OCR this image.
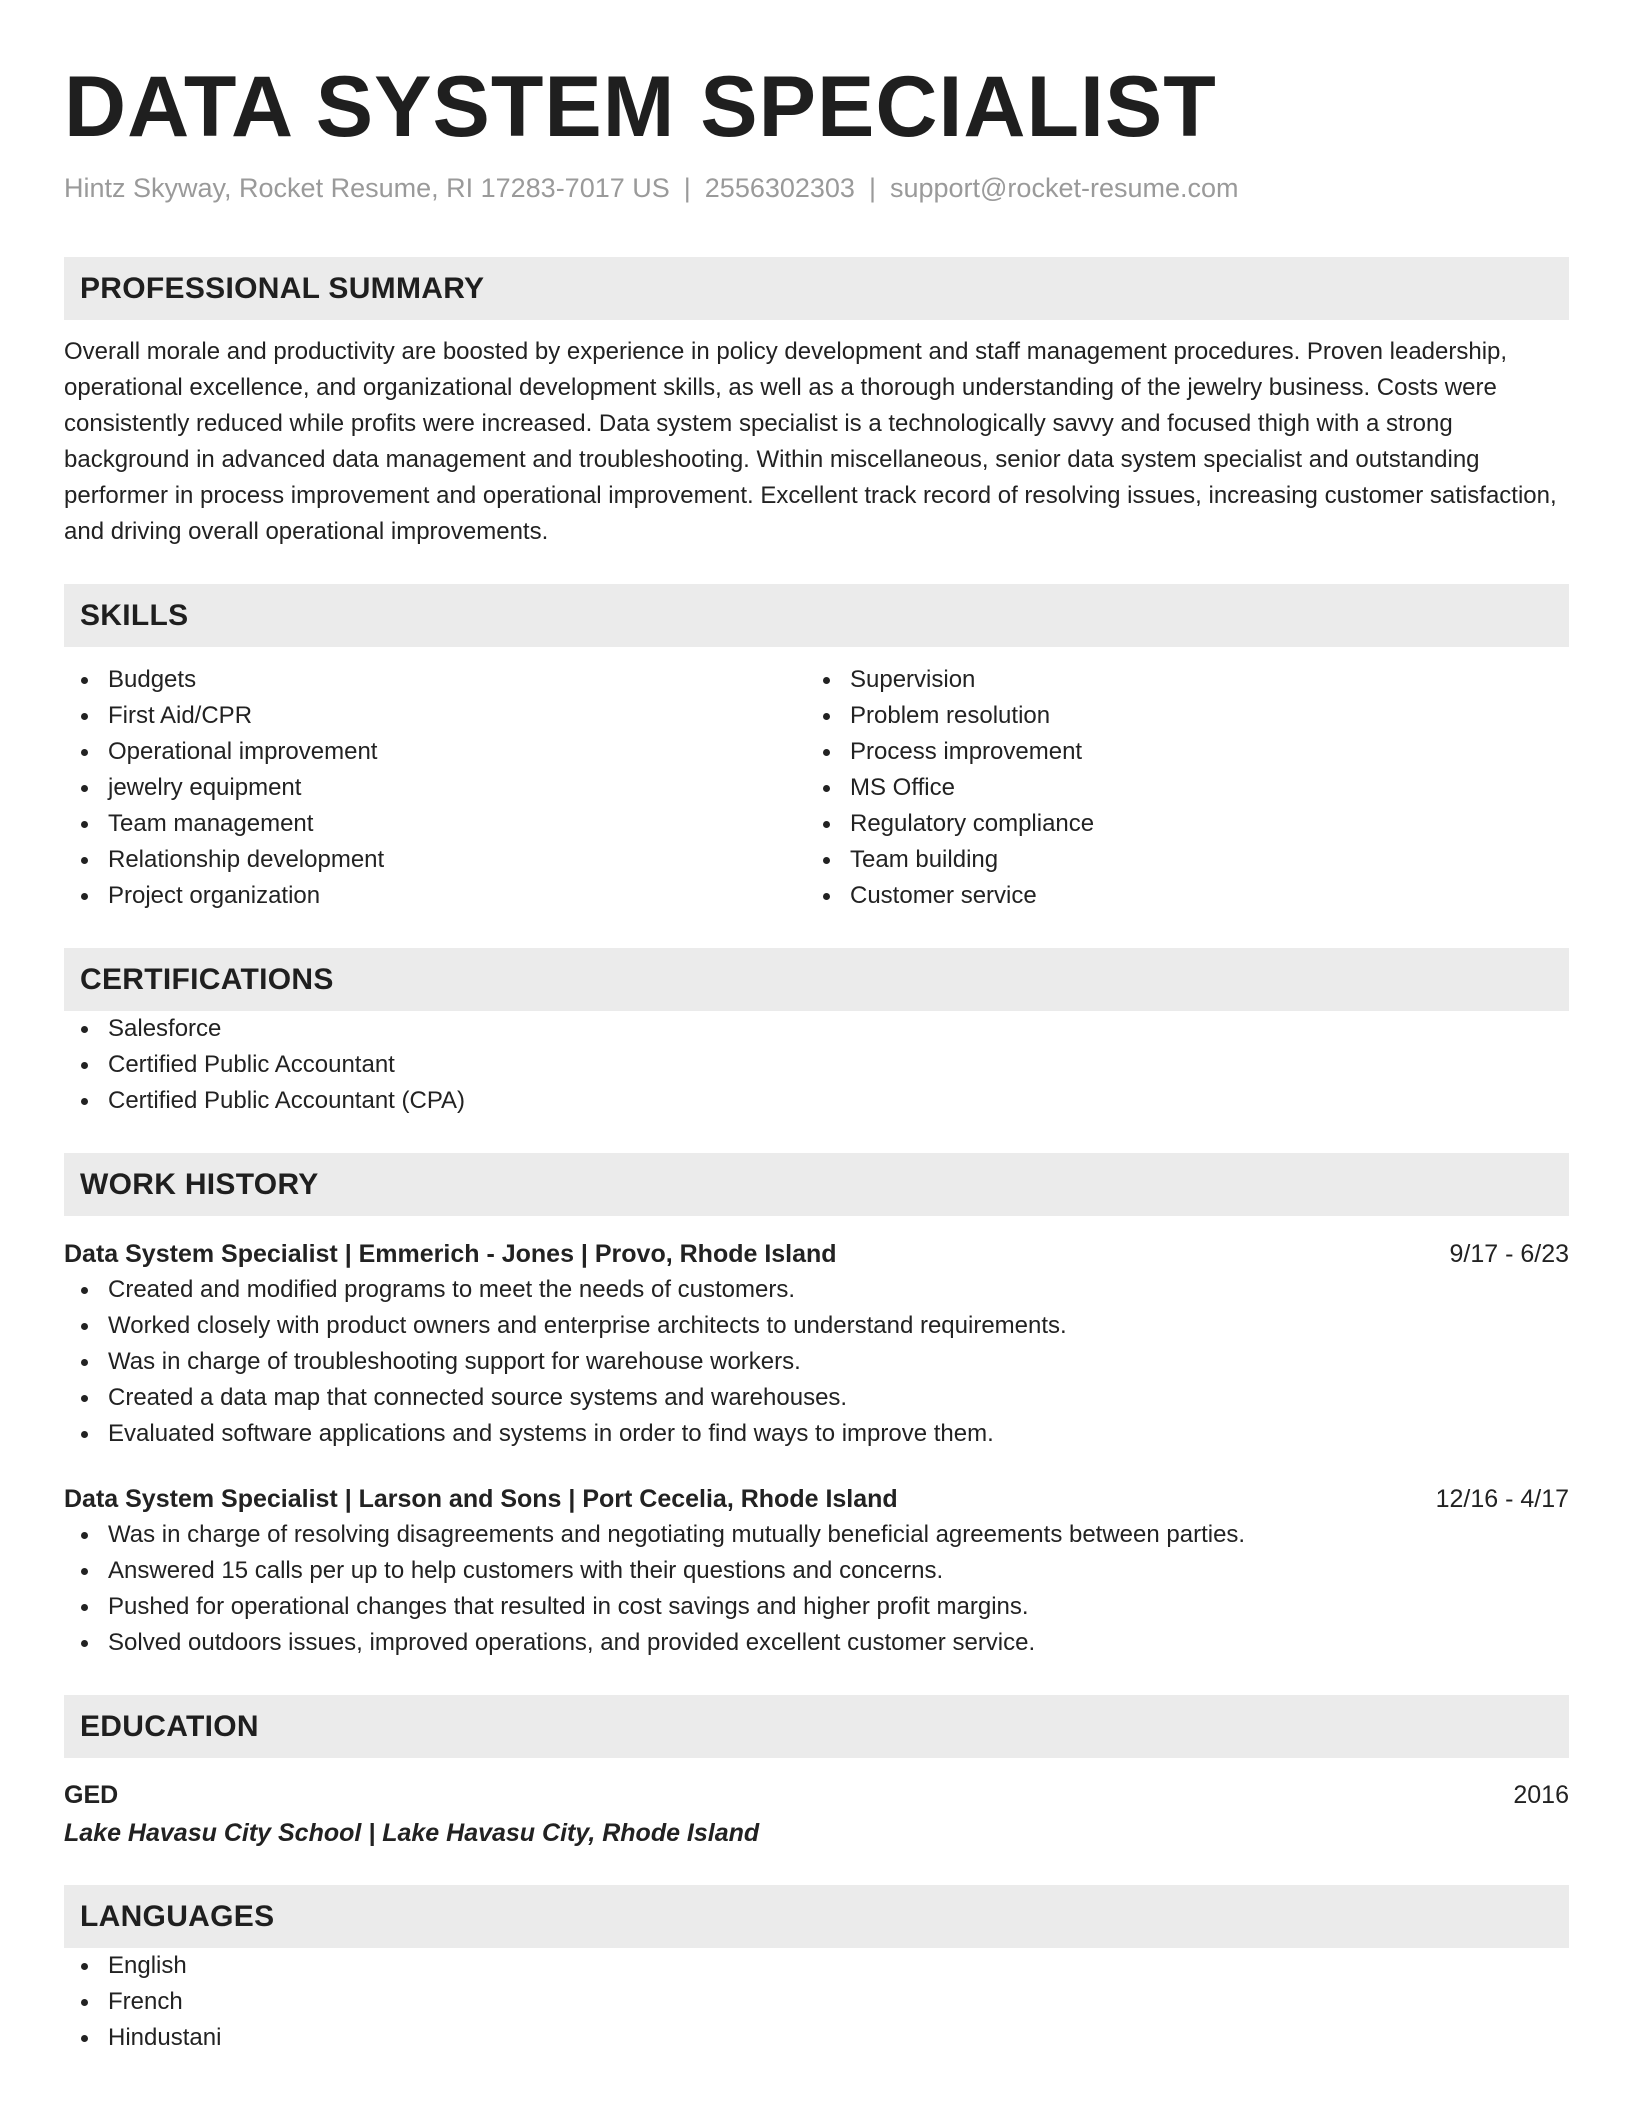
DATA SYSTEM SPECIALIST
Hintz Skyway, Rocket Resume, RI 17283-7017 US | 2556302303 | support@rocket-resume.com
PROFESSIONAL SUMMARY
Overall morale and productivity are boosted by experience in policy development and staff management procedures. Proven leadership, operational excellence, and organizational development skills, as well as a thorough understanding of the jewelry business. Costs were consistently reduced while profits were increased. Data system specialist is a technologically savvy and focused thigh with a strong background in advanced data management and troubleshooting. Within miscellaneous, senior data system specialist and outstanding performer in process improvement and operational improvement. Excellent track record of resolving issues, increasing customer satisfaction, and driving overall operational improvements.
SKILLS
Budgets
First Aid/CPR
Operational improvement
jewelry equipment
Team management
Relationship development
Project organization
Supervision
Problem resolution
Process improvement
MS Office
Regulatory compliance
Team building
Customer service
CERTIFICATIONS
Salesforce
Certified Public Accountant
Certified Public Accountant (CPA)
WORK HISTORY
Data System Specialist | Emmerich - Jones | Provo, Rhode Island	9/17 - 6/23
Created and modified programs to meet the needs of customers.
Worked closely with product owners and enterprise architects to understand requirements.
Was in charge of troubleshooting support for warehouse workers.
Created a data map that connected source systems and warehouses.
Evaluated software applications and systems in order to find ways to improve them.
Data System Specialist | Larson and Sons | Port Cecelia, Rhode Island	12/16 - 4/17
Was in charge of resolving disagreements and negotiating mutually beneficial agreements between parties.
Answered 15 calls per up to help customers with their questions and concerns.
Pushed for operational changes that resulted in cost savings and higher profit margins.
Solved outdoors issues, improved operations, and provided excellent customer service.
EDUCATION
GED	2016
Lake Havasu City School | Lake Havasu City, Rhode Island
LANGUAGES
English
French
Hindustani
